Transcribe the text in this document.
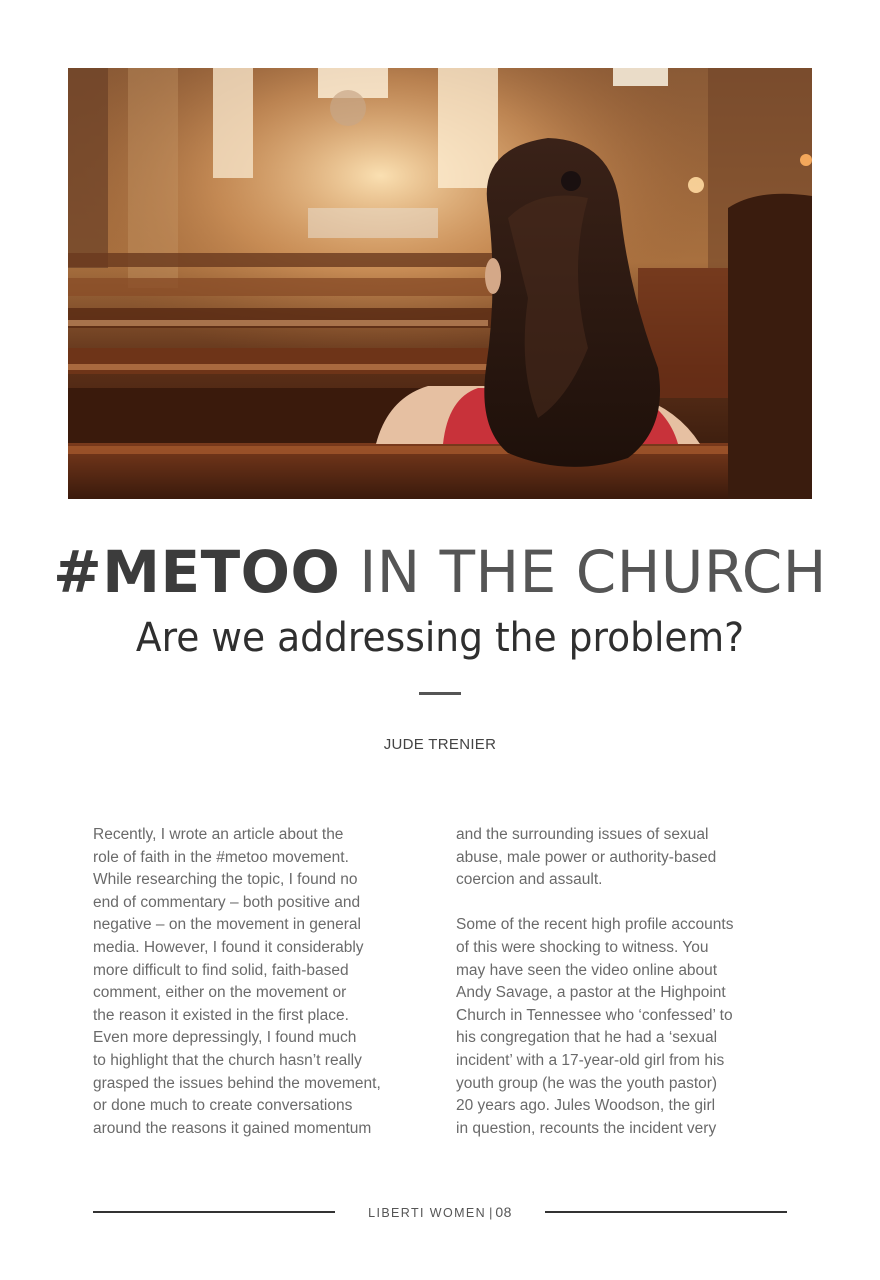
#METOO IN THE CHURCH
Are we addressing the problem?
JUDE TRENIER

Recently, I wrote an article about the
role of faith in the #metoo movement.
While researching the topic, I found no
end of commentary – both positive and
negative – on the movement in general
media. However, I found it considerably
more difficult to find solid, faith-based
comment, either on the movement or
the reason it existed in the first place.
Even more depressingly, I found much
to highlight that the church hasn’t really
grasped the issues behind the movement,
or done much to create conversations
around the reasons it gained momentum

and the surrounding issues of sexual
abuse, male power or authority-based
coercion and assault.

Some of the recent high profile accounts
of this were shocking to witness. You
may have seen the video online about
Andy Savage, a pastor at the Highpoint
Church in Tennessee who ‘confessed’ to
his congregation that he had a ‘sexual
incident’ with a 17-year-old girl from his
youth group (he was the youth pastor)
20 years ago. Jules Woodson, the girl
in question, recounts the incident very

LIBERTI WOMEN | 08
